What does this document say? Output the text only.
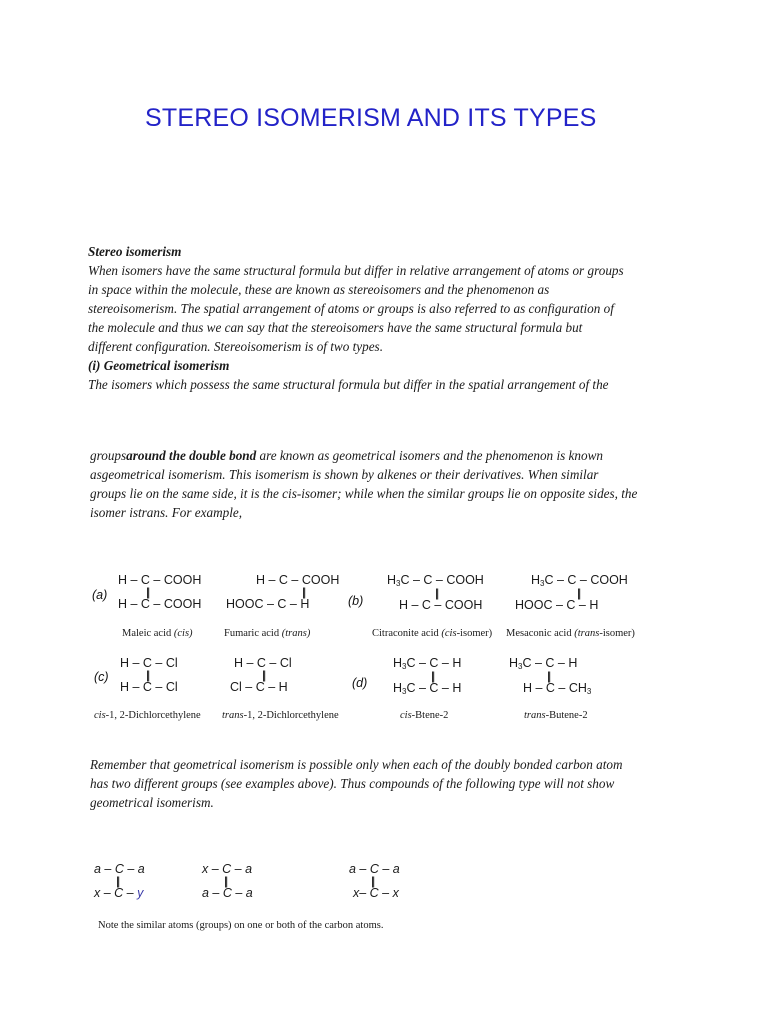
STEREO ISOMERISM AND ITS TYPES
Stereo isomerism
When isomers have the same structural formula but differ in relative arrangement of atoms or groups
in space within the molecule, these are known as stereoisomers and the phenomenon as
stereoisomerism. The spatial arrangement of atoms or groups is also referred to as configuration of
the molecule and thus we can say that the stereoisomers have the same structural formula but
different configuration. Stereoisomerism is of two types.
(i) Geometrical isomerism
The isomers which possess the same structural formula but differ in the spatial arrangement of the
groupsaround the double bond are known as geometrical isomers and the phenomenon is known
asgeometrical isomerism. This isomerism is shown by alkenes or their derivatives. When similar
groups lie on the same side, it is the cis-isomer; while when the similar groups lie on opposite sides, the
isomer istrans. For example,
(a)
H – C – COOH
||
H – C – COOH
Maleic acid (cis)
H – C – COOH
||
HOOC – C – H
Fumaric acid (trans)
(b)
$H_3C$ – C – COOH
||
H – C – COOH
Citraconite acid (cis-isomer)
$H_3C$ – C – COOH
||
HOOC – C – H
Mesaconic acid (trans-isomer)
(c)
H – C – Cl
||
H – C – Cl
cis-1, 2-Dichlorcethylene
H – C – Cl
||
Cl – C – H
trans-1, 2-Dichlorcethylene
(d)
$H_3C$ – C – H
||
$H_3C$ – C – H
cis-Btene-2
$H_3C$ – C – H
||
H – C – $CH_3$
trans-Butene-2
Remember that geometrical isomerism is possible only when each of the doubly bonded carbon atom
has two different groups (see examples above). Thus compounds of the following type will not show
geometrical isomerism.
a – C – a
||
x – C – y
x – C – a
||
a – C – a
a – C – a
||
x– C – x
Note the similar atoms (groups) on one or both of the carbon atoms.
